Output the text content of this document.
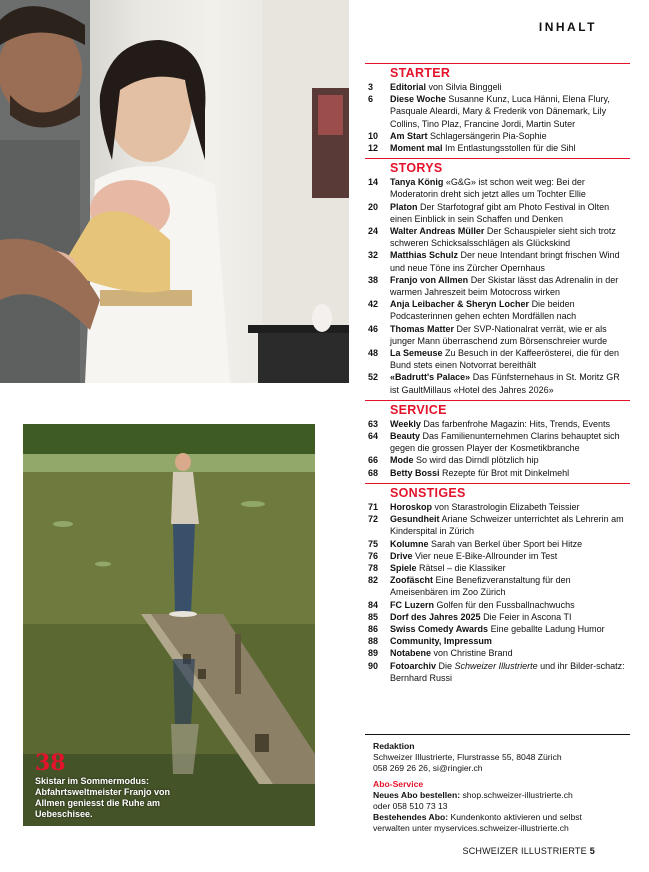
38
Skistar im Sommermodus: Abfahrtsweltmeister Franjo von Allmen geniesst die Ruhe am Uebeschisee.
INHALT
STARTER
3	Editorial von Silvia Binggeli
6	Diese Woche Susanne Kunz, Luca Hänni, Elena Flury, Pasquale Aleardi, Mary & Frederik von Dänemark, Lily Collins, Tino Plaz, Francine Jordi, Martin Suter
10	Am Start Schlagersängerin Pia-Sophie
12	Moment mal Im Entlastungsstollen für die Sihl
STORYS
14	Tanya König «G&G» ist schon weit weg: Bei der Moderatorin dreht sich jetzt alles um Tochter Ellie
20	Platon Der Starfotograf gibt am Photo Festival in Olten einen Einblick in sein Schaffen und Denken
24	Walter Andreas Müller Der Schauspieler sieht sich trotz schweren Schicksalsschlägen als Glückskind
32	Matthias Schulz Der neue Intendant bringt frischen Wind und neue Töne ins Zürcher Opernhaus
38	Franjo von Allmen Der Skistar lässt das Adrenalin in der warmen Jahreszeit beim Motocross wirken
42	Anja Leibacher & Sheryn Locher Die beiden Podcasterinnen gehen echten Mordfällen nach
46	Thomas Matter Der SVP-Nationalrat verrät, wie er als junger Mann überraschend zum Börsenschreier wurde
48	La Semeuse Zu Besuch in der Kaffeerösterei, die für den Bund stets einen Notvorrat bereithält
52	«Badrutt's Palace» Das Fünfsternehaus in St. Moritz GR ist GaultMillaus «Hotel des Jahres 2026»
SERVICE
63	Weekly Das farbenfrohe Magazin: Hits, Trends, Events
64	Beauty Das Familienunternehmen Clarins behauptet sich gegen die grossen Player der Kosmetikbranche
66	Mode So wird das Dirndl plötzlich hip
68	Betty Bossi Rezepte für Brot mit Dinkelmehl
SONSTIGES
71	Horoskop von Starastrologin Elizabeth Teissier
72	Gesundheit Ariane Schweizer unterrichtet als Lehrerin am Kinderspital in Zürich
75	Kolumne Sarah van Berkel über Sport bei Hitze
76	Drive Vier neue E-Bike-Allrounder im Test
78	Spiele Rätsel – die Klassiker
82	Zoofäscht Eine Benefizveranstaltung für den Ameisenbären im Zoo Zürich
84	FC Luzern Golfen für den Fussballnachwuchs
85	Dorf des Jahres 2025 Die Feier in Ascona TI
86	Swiss Comedy Awards Eine geballte Ladung Humor
88	Community, Impressum
89	Notabene von Christine Brand
90	Fotoarchiv Die Schweizer Illustrierte und ihr Bilder-schatz: Bernhard Russi
Redaktion
Schweizer Illustrierte, Flurstrasse 55, 8048 Zürich
058 269 26 26, si@ringier.ch
Abo-Service
Neues Abo bestellen: shop.schweizer-illustrierte.ch
oder 058 510 73 13
Bestehendes Abo: Kundenkonto aktivieren und selbst
verwalten unter myservices.schweizer-illustrierte.ch
SCHWEIZER ILLUSTRIERTE 5
